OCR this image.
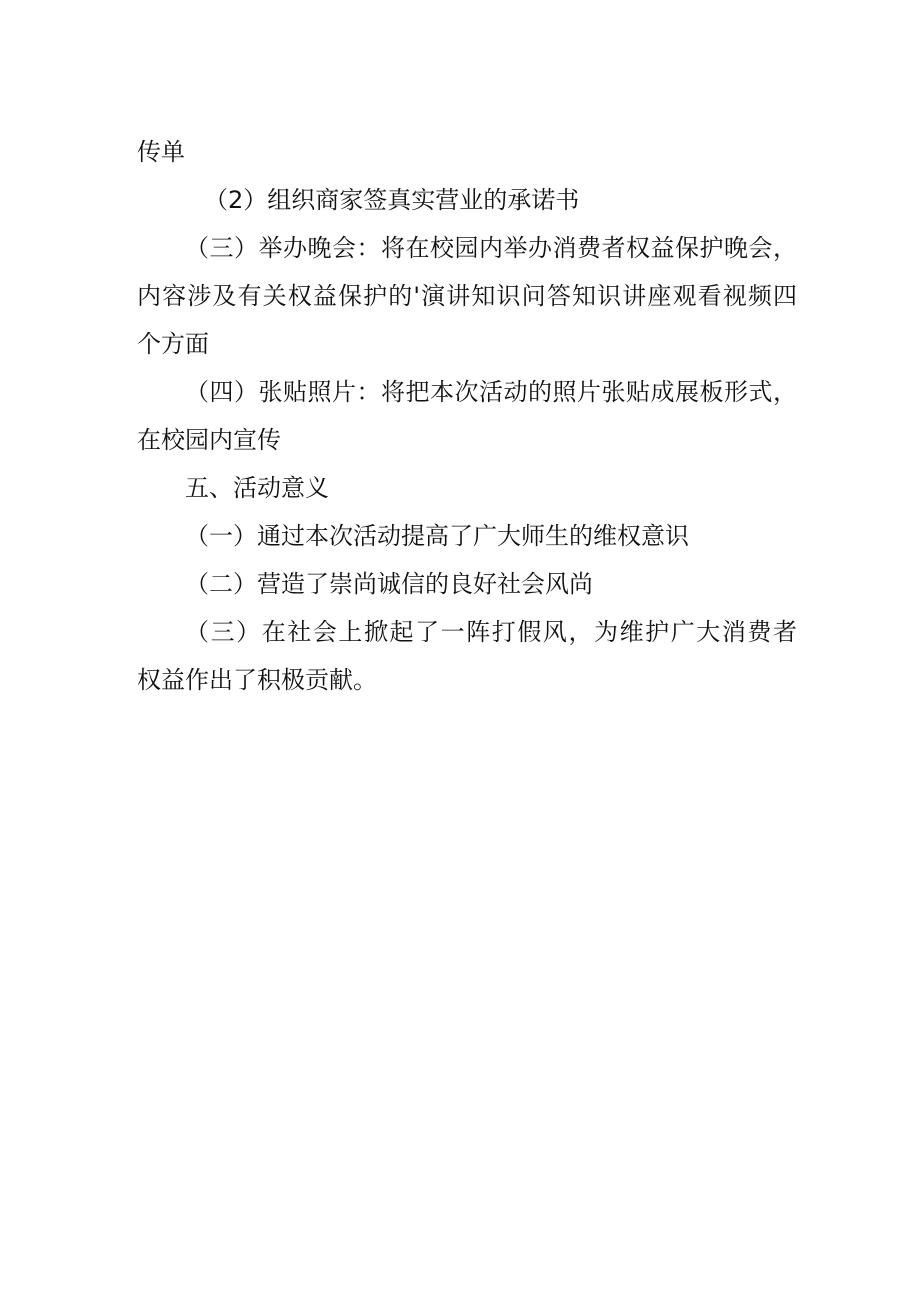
传单
（2）组织商家签真实营业的承诺书
（三）举办晚会：将在校园内举办消费者权益保护晚会，
内容涉及有关权益保护的'演讲知识问答知识讲座观看视频四
个方面
（四）张贴照片：将把本次活动的照片张贴成展板形式，
在校园内宣传
五、活动意义
（一）通过本次活动提高了广大师生的维权意识
（二）营造了崇尚诚信的良好社会风尚
（三）在社会上掀起了一阵打假风，为维护广大消费者
权益作出了积极贡献。
